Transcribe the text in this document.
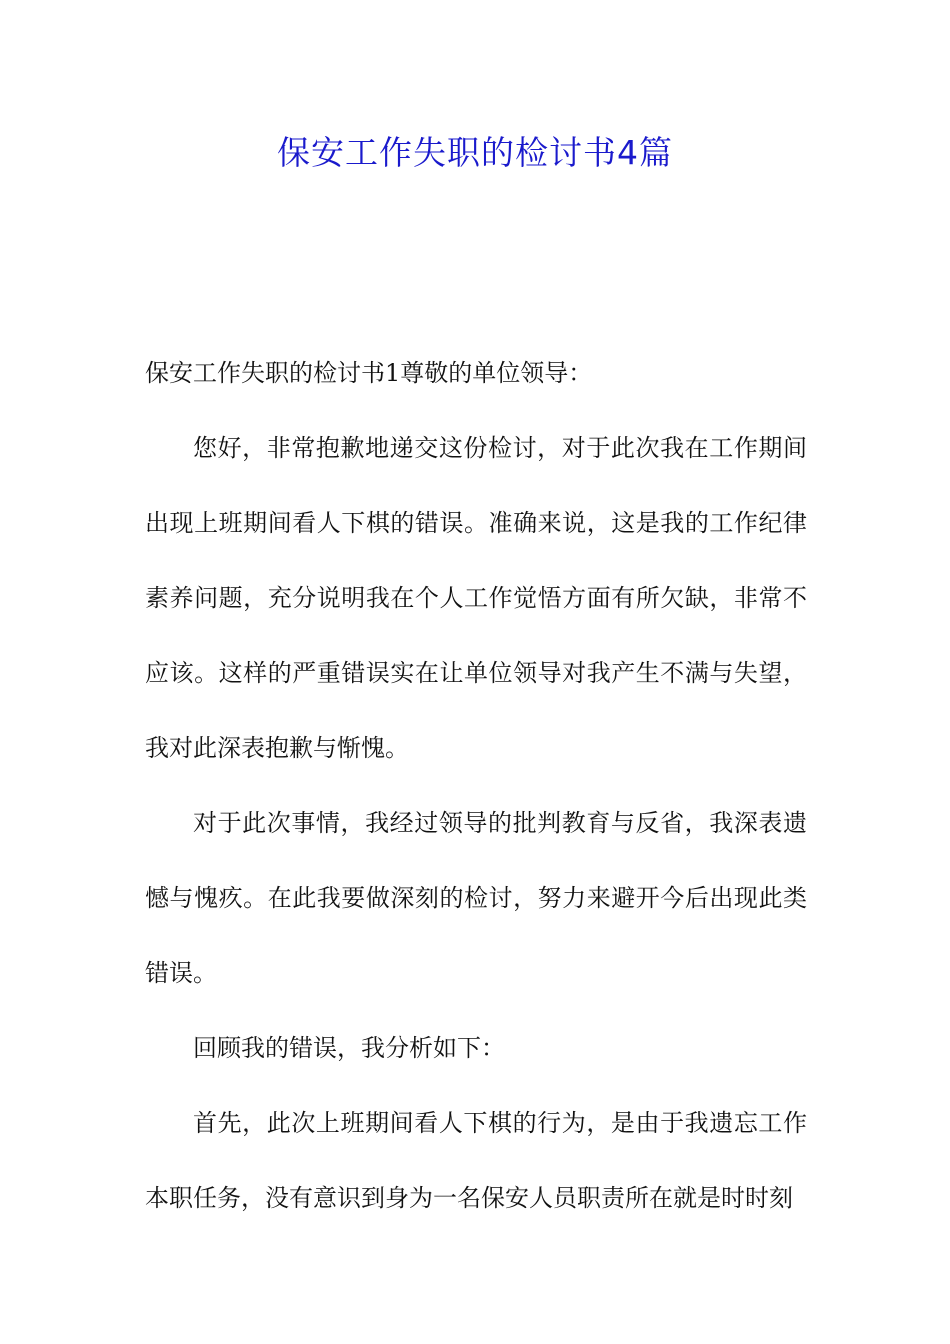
保安工作失职的检讨书4篇

保安工作失职的检讨书1尊敬的单位领导：

您好，非常抱歉地递交这份检讨，对于此次我在工作期间出现上班期间看人下棋的错误。准确来说，这是我的工作纪律素养问题，充分说明我在个人工作觉悟方面有所欠缺，非常不应该。这样的严重错误实在让单位领导对我产生不满与失望，我对此深表抱歉与惭愧。

对于此次事情，我经过领导的批判教育与反省，我深表遗憾与愧疚。在此我要做深刻的检讨，努力来避开今后出现此类错误。

回顾我的错误，我分析如下：

首先，此次上班期间看人下棋的行为，是由于我遗忘工作本职任务，没有意识到身为一名保安人员职责所在就是时时刻
